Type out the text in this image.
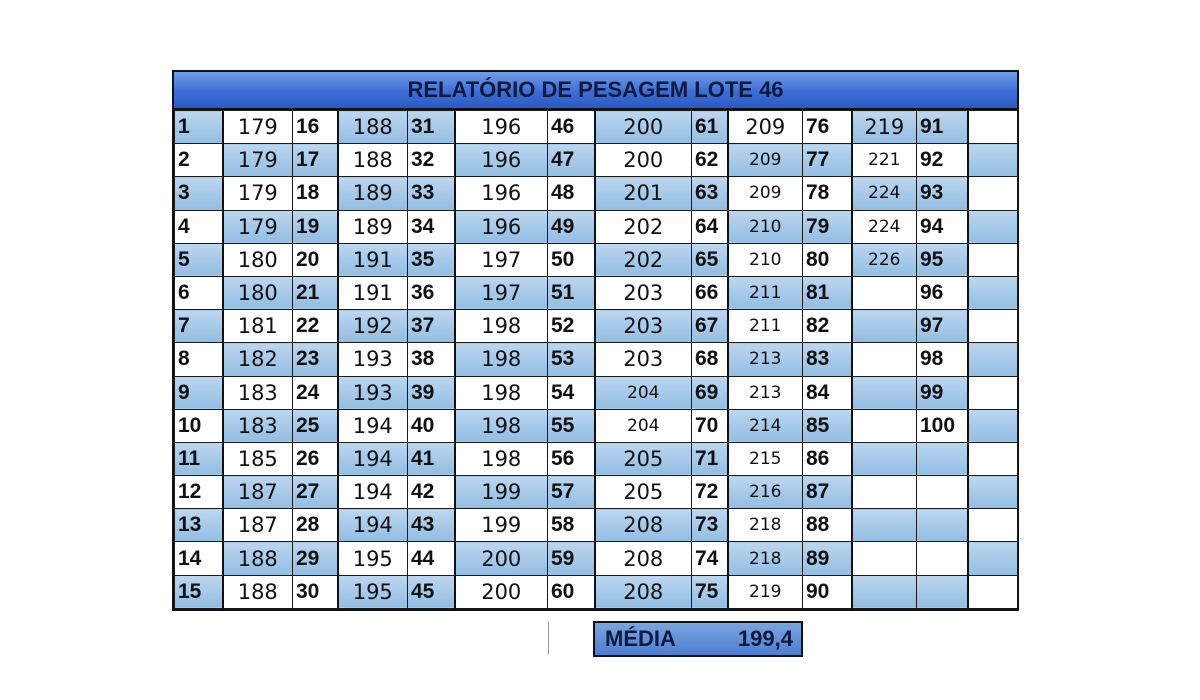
RELATÓRIO DE PESAGEM LOTE 46
1	179	16	188	31	196	46	200	61	209	76	219	91	
2	179	17	188	32	196	47	200	62	209	77	221	92	
3	179	18	189	33	196	48	201	63	209	78	224	93	
4	179	19	189	34	196	49	202	64	210	79	224	94	
5	180	20	191	35	197	50	202	65	210	80	226	95	
6	180	21	191	36	197	51	203	66	211	81		96	
7	181	22	192	37	198	52	203	67	211	82		97	
8	182	23	193	38	198	53	203	68	213	83		98	
9	183	24	193	39	198	54	204	69	213	84		99	
10	183	25	194	40	198	55	204	70	214	85		100	
11	185	26	194	41	198	56	205	71	215	86			
12	187	27	194	42	199	57	205	72	216	87			
13	187	28	194	43	199	58	208	73	218	88			
14	188	29	195	44	200	59	208	74	218	89			
15	188	30	195	45	200	60	208	75	219	90			
MÉDIA	199,4
